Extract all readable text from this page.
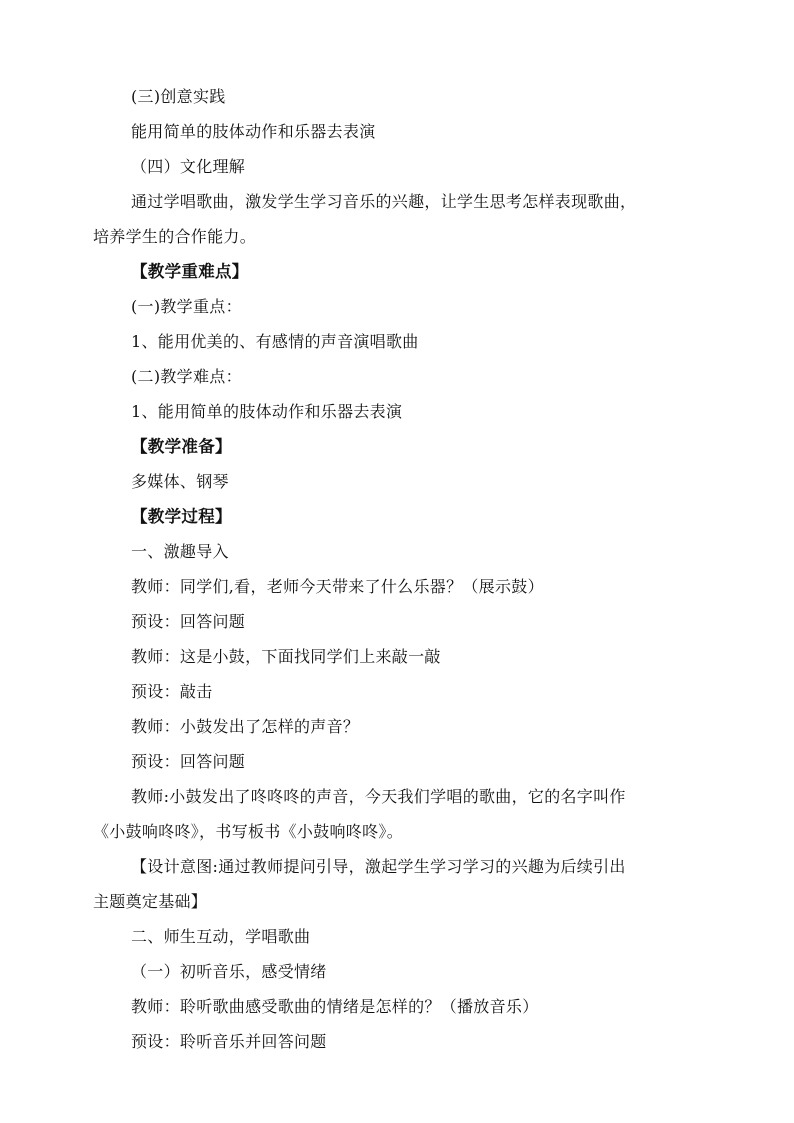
(三)创意实践
能用简单的肢体动作和乐器去表演
（四）文化理解
通过学唱歌曲，激发学生学习音乐的兴趣，让学生思考怎样表现歌曲，
培养学生的合作能力。
【教学重难点】
(一)教学重点：
1、能用优美的、有感情的声音演唱歌曲
(二)教学难点：
1、能用简单的肢体动作和乐器去表演
【教学准备】
多媒体、钢琴
【教学过程】
一、激趣导入
教师：同学们,看，老师今天带来了什么乐器？（展示鼓）
预设：回答问题
教师：这是小鼓，下面找同学们上来敲一敲
预设：敲击
教师：小鼓发出了怎样的声音？
预设：回答问题
教师:小鼓发出了咚咚咚的声音，今天我们学唱的歌曲，它的名字叫作
《小鼓响咚咚》，书写板书《小鼓响咚咚》。
【设计意图:通过教师提问引导，激起学生学习学习的兴趣为后续引出
主题奠定基础】
二、师生互动，学唱歌曲
（一）初听音乐，感受情绪
教师：聆听歌曲感受歌曲的情绪是怎样的？（播放音乐）
预设：聆听音乐并回答问题
